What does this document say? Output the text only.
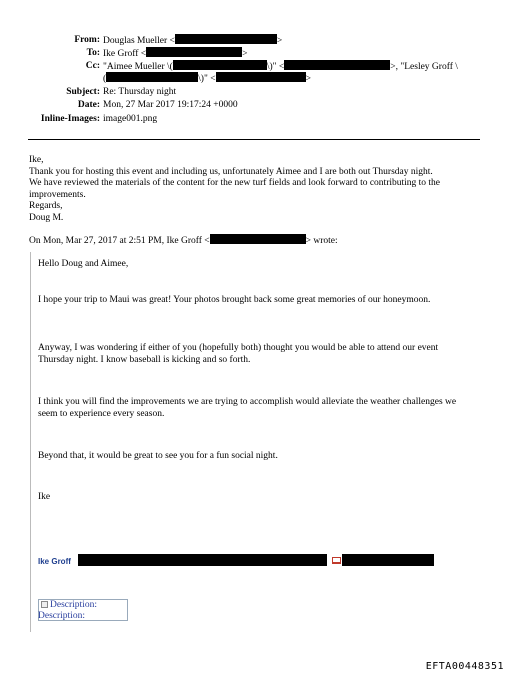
From: Douglas Mueller <	>
To: Ike Groff <	>
Cc: "Aimee Mueller \(	\)" <	>, "Lesley Groff \
(	\)" <	>
Subject: Re: Thursday night
Date: Mon, 27 Mar 2017 19:17:24 +0000
Inline-Images: image001.png
Ike,
Thank you for hosting this event and including us, unfortunately Aimee and I are both out Thursday night.
We have reviewed the materials of the content for the new turf fields and look forward to contributing to the
improvements.
Regards,
Doug M.
On Mon, Mar 27, 2017 at 2:51 PM, Ike Groff <	> wrote:
Hello Doug and Aimee,
I hope your trip to Maui was great! Your photos brought back some great memories of our honeymoon.
Anyway, I was wondering if either of you (hopefully both) thought you would be able to attend our event
Thursday night. I know baseball is kicking and so forth.
I think you will find the improvements we are trying to accomplish would alleviate the weather challenges we
seem to experience every season.
Beyond that, it would be great to see you for a fun social night.
Ike
Ike Groff
Description:
Description:
EFTA00448351
